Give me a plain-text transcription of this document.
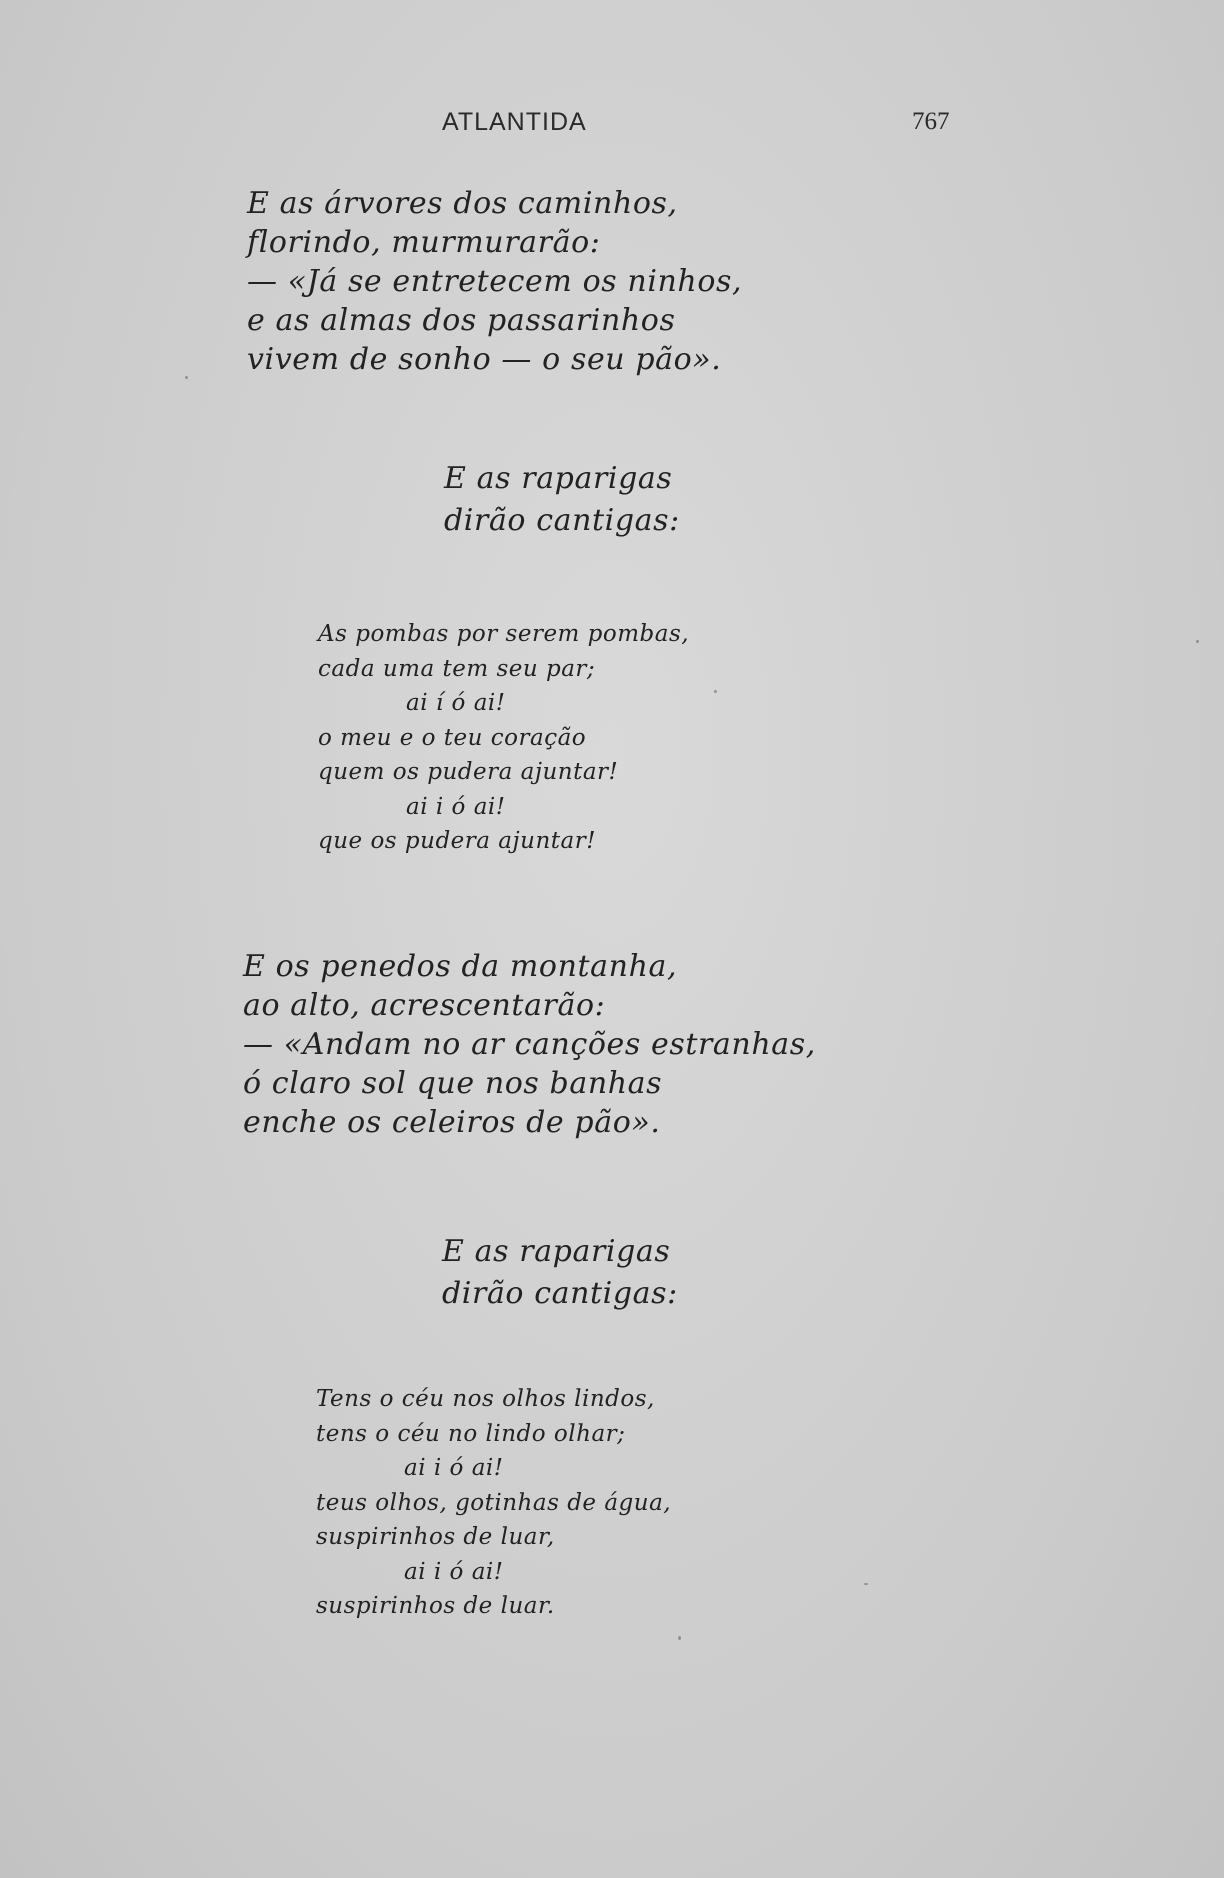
ATLANTIDA	767
E as árvores dos caminhos,
florindo, murmurarão:
— «Já se entretecem os ninhos,
e as almas dos passarinhos
vivem de sonho — o seu pão».
E as raparigas
dirão cantigas:
As pombas por serem pombas,
cada uma tem seu par;
ai í ó ai!
o meu e o teu coração
quem os pudera ajuntar!
ai i ó ai!
que os pudera ajuntar!
E os penedos da montanha,
ao alto, acrescentarão:
— «Andam no ar canções estranhas,
ó claro sol que nos banhas
enche os celeiros de pão».
E as raparigas
dirão cantigas:
Tens o céu nos olhos lindos,
tens o céu no lindo olhar;
ai i ó ai!
teus olhos, gotinhas de água,
suspirinhos de luar,
ai i ó ai!
suspirinhos de luar.
